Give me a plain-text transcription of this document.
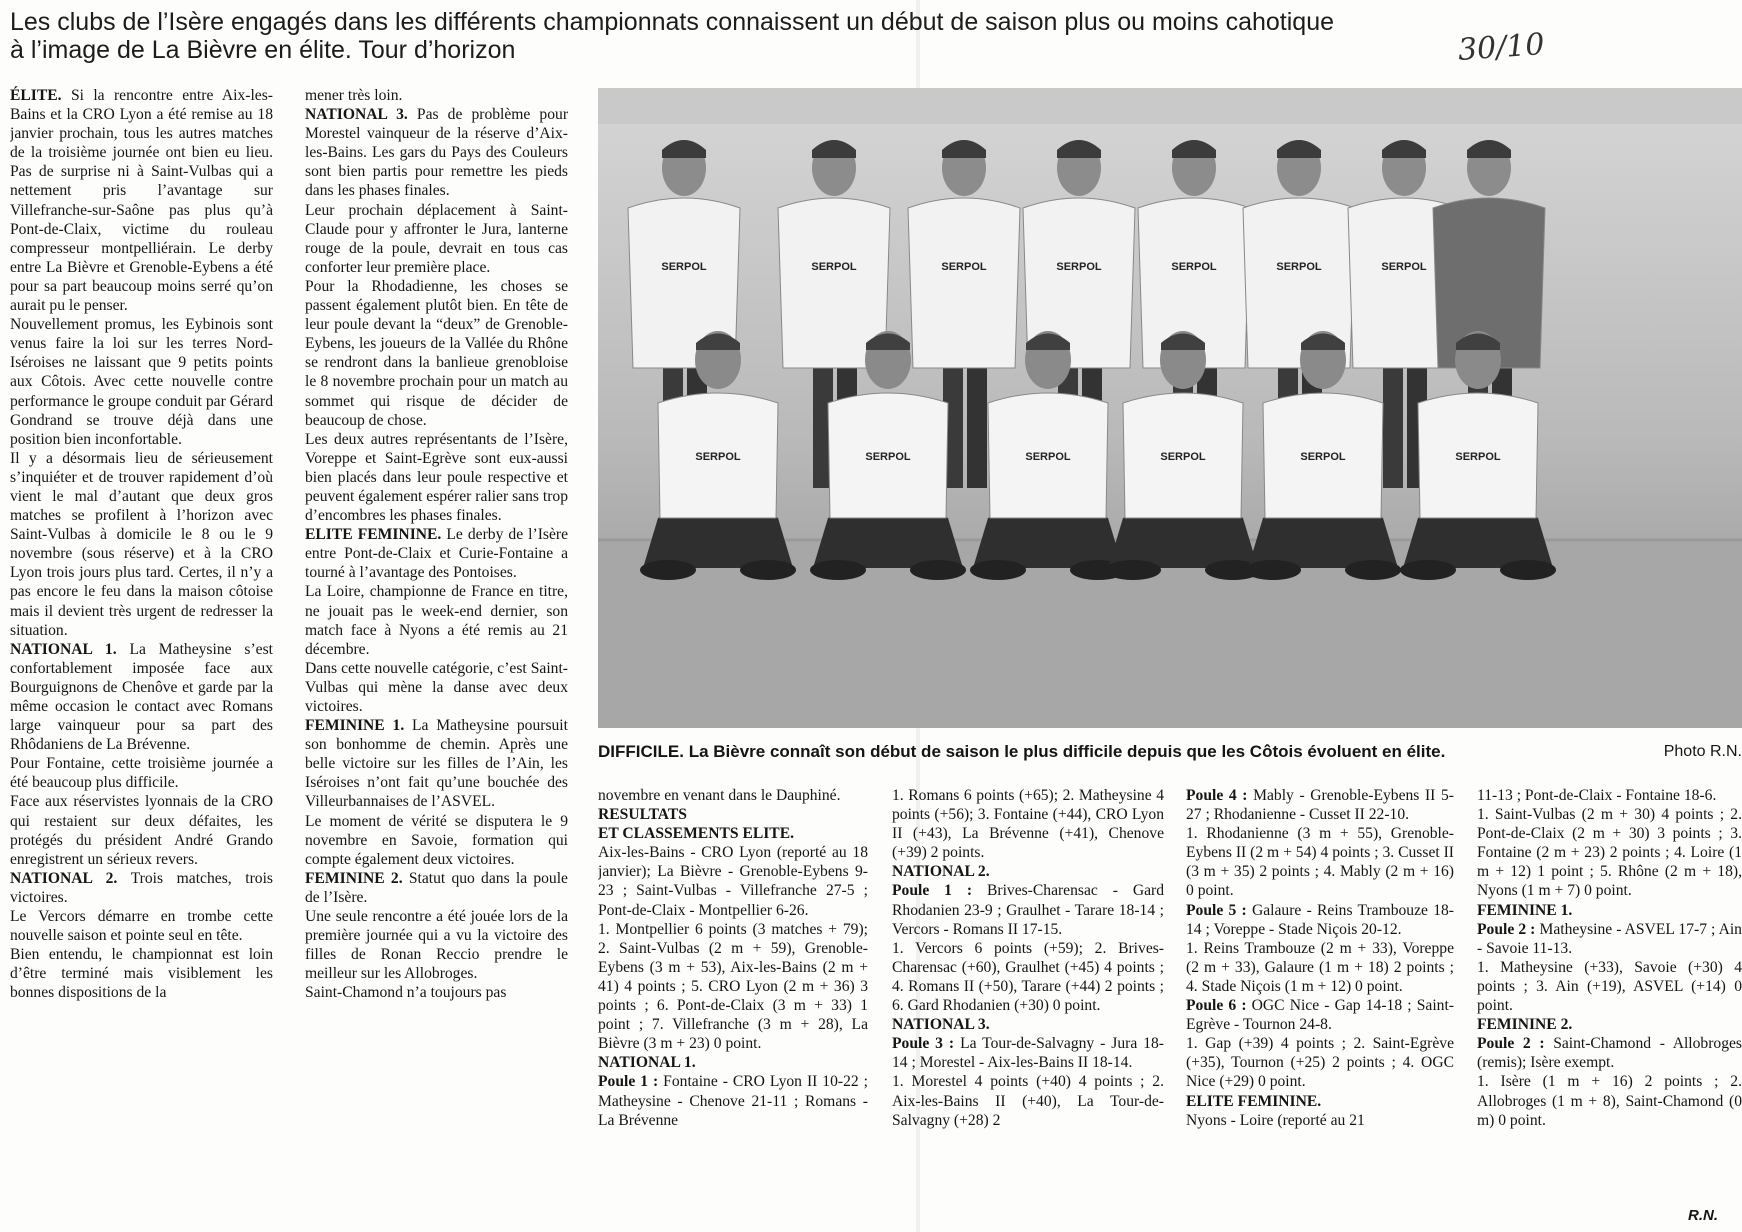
Les clubs de l’Isère engagés dans les différents championnats connaissent un début de saison plus ou moins cahotique
à l’image de La Bièvre en élite. Tour d’horizon	30/10

ÉLITE. Si la rencontre entre Aix-les-Bains et la CRO Lyon a été remise au 18 janvier prochain, tous les autres matches de la troisième journée ont bien eu lieu. Pas de surprise ni à Saint-Vulbas qui a nettement pris l’avantage sur Villefranche-sur-Saône pas plus qu’à Pont-de-Claix, victime du rouleau compresseur montpelliérain. Le derby entre La Bièvre et Grenoble-Eybens a été pour sa part beaucoup moins serré qu’on aurait pu le penser.

Nouvellement promus, les Eybinois sont venus faire la loi sur les terres Nord-Iséroises ne laissant que 9 petits points aux Côtois. Avec cette nouvelle contre performance le groupe conduit par Gérard Gondrand se trouve déjà dans une position bien inconfortable.

Il y a désormais lieu de sérieusement s’inquiéter et de trouver rapidement d’où vient le mal d’autant que deux gros matches se profilent à l’horizon avec Saint-Vulbas à domicile le 8 ou le 9 novembre (sous réserve) et à la CRO Lyon trois jours plus tard. Certes, il n’y a pas encore le feu dans la maison côtoise mais il devient très urgent de redresser la situation.

NATIONAL 1. La Matheysine s’est confortablement imposée face aux Bourguignons de Chenôve et garde par la même occasion le contact avec Romans large vainqueur pour sa part des Rhôdaniens de La Brévenne.

Pour Fontaine, cette troisième journée a été beaucoup plus difficile.

Face aux réservistes lyonnais de la CRO qui restaient sur deux défaites, les protégés du président André Grando enregistrent un sérieux revers.

NATIONAL 2. Trois matches, trois victoires.

Le Vercors démarre en trombe cette nouvelle saison et pointe seul en tête.

Bien entendu, le championnat est loin d’être terminé mais visiblement les bonnes dispositions de la

mener très loin.

NATIONAL 3. Pas de problème pour Morestel vainqueur de la réserve d’Aix-les-Bains. Les gars du Pays des Couleurs sont bien partis pour remettre les pieds dans les phases finales.

Leur prochain déplacement à Saint-Claude pour y affronter le Jura, lanterne rouge de la poule, devrait en tous cas conforter leur première place.

Pour la Rhodadienne, les choses se passent également plutôt bien. En tête de leur poule devant la “deux” de Grenoble-Eybens, les joueurs de la Vallée du Rhône se rendront dans la banlieue grenobloise le 8 novembre prochain pour un match au sommet qui risque de décider de beaucoup de chose.

Les deux autres représentants de l’Isère, Voreppe et Saint-Egrève sont eux-aussi bien placés dans leur poule respective et peuvent également espérer ralier sans trop d’encombres les phases finales.

ELITE FEMININE. Le derby de l’Isère entre Pont-de-Claix et Curie-Fontaine a tourné à l’avantage des Pontoises.

La Loire, championne de France en titre, ne jouait pas le week-end dernier, son match face à Nyons a été remis au 21 décembre.

Dans cette nouvelle catégorie, c’est Saint-Vulbas qui mène la danse avec deux victoires.

FEMININE 1. La Matheysine poursuit son bonhomme de chemin. Après une belle victoire sur les filles de l’Ain, les Iséroises n’ont fait qu’une bouchée des Villeurbannaises de l’ASVEL.

Le moment de vérité se disputera le 9 novembre en Savoie, formation qui compte également deux victoires.

FEMININE 2. Statut quo dans la poule de l’Isère.

Une seule rencontre a été jouée lors de la première journée qui a vu la victoire des filles de Ronan Reccio prendre le meilleur sur les Allobroges.

Saint-Chamond n’a toujours pas

SERPOL	SERPOL	SERPOL	SERPOL	SERPOL	SERPOL	SERPOL
SERPOL	SERPOL	SERPOL	SERPOL	SERPOL	SERPOL
DIFFICILE. La Bièvre connaît son début de saison le plus difficile depuis que les Côtois évoluent en élite.	Photo R.N.

novembre en venant dans le Dauphiné.

RESULTATS

ET CLASSEMENTS ELITE.

Aix-les-Bains - CRO Lyon (reporté au 18 janvier); La Bièvre - Grenoble-Eybens 9-23 ; Saint-Vulbas - Villefranche 27-5 ; Pont-de-Claix - Montpellier 6-26.

1. Montpellier 6 points (3 matches + 79); 2. Saint-Vulbas (2 m + 59), Grenoble-Eybens (3 m + 53), Aix-les-Bains (2 m + 41) 4 points ; 5. CRO Lyon (2 m + 36) 3 points ; 6. Pont-de-Claix (3 m + 33) 1 point ; 7. Villefranche (3 m + 28), La Bièvre (3 m + 23) 0 point.

NATIONAL 1.

Poule 1 : Fontaine - CRO Lyon II 10-22 ; Matheysine - Chenove 21-11 ; Romans - La Brévenne

1. Romans 6 points (+65); 2. Matheysine 4 points (+56); 3. Fontaine (+44), CRO Lyon II (+43), La Brévenne (+41), Chenove (+39) 2 points.

NATIONAL 2.

Poule 1 : Brives-Charensac - Gard Rhodanien 23-9 ; Graulhet - Tarare 18-14 ; Vercors - Romans II 17-15.

1. Vercors 6 points (+59); 2. Brives-Charensac (+60), Graulhet (+45) 4 points ; 4. Romans II (+50), Tarare (+44) 2 points ; 6. Gard Rhodanien (+30) 0 point.

NATIONAL 3.

Poule 3 : La Tour-de-Salvagny - Jura 18-14 ; Morestel - Aix-les-Bains II 18-14.

1. Morestel 4 points (+40) 4 points ; 2. Aix-les-Bains II (+40), La Tour-de-Salvagny (+28) 2

Poule 4 : Mably - Grenoble-Eybens II 5-27 ; Rhodanienne - Cusset II 22-10.

1. Rhodanienne (3 m + 55), Grenoble-Eybens II (2 m + 54) 4 points ; 3. Cusset II (3 m + 35) 2 points ; 4. Mably (2 m + 16) 0 point.

Poule 5 : Galaure - Reins Trambouze 18-14 ; Voreppe - Stade Niçois 20-12.

1. Reins Trambouze (2 m + 33), Voreppe (2 m + 33), Galaure (1 m + 18) 2 points ; 4. Stade Niçois (1 m + 12) 0 point.

Poule 6 : OGC Nice - Gap 14-18 ; Saint-Egrève - Tournon 24-8.

1. Gap (+39) 4 points ; 2. Saint-Egrève (+35), Tournon (+25) 2 points ; 4. OGC Nice (+29) 0 point.

ELITE FEMININE.

Nyons - Loire (reporté au 21

11-13 ; Pont-de-Claix - Fontaine 18-6.

1. Saint-Vulbas (2 m + 30) 4 points ; 2. Pont-de-Claix (2 m + 30) 3 points ; 3. Fontaine (2 m + 23) 2 points ; 4. Loire (1 m + 12) 1 point ; 5. Rhône (2 m + 18), Nyons (1 m + 7) 0 point.

FEMININE 1.

Poule 2 : Matheysine - ASVEL 17-7 ; Ain - Savoie 11-13.

1. Matheysine (+33), Savoie (+30) 4 points ; 3. Ain (+19), ASVEL (+14) 0 point.

FEMININE 2.

Poule 2 : Saint-Chamond - Allobroges (remis); Isère exempt.

1. Isère (1 m + 16) 2 points ; 2. Allobroges (1 m + 8), Saint-Chamond (0 m) 0 point.

R.N.
